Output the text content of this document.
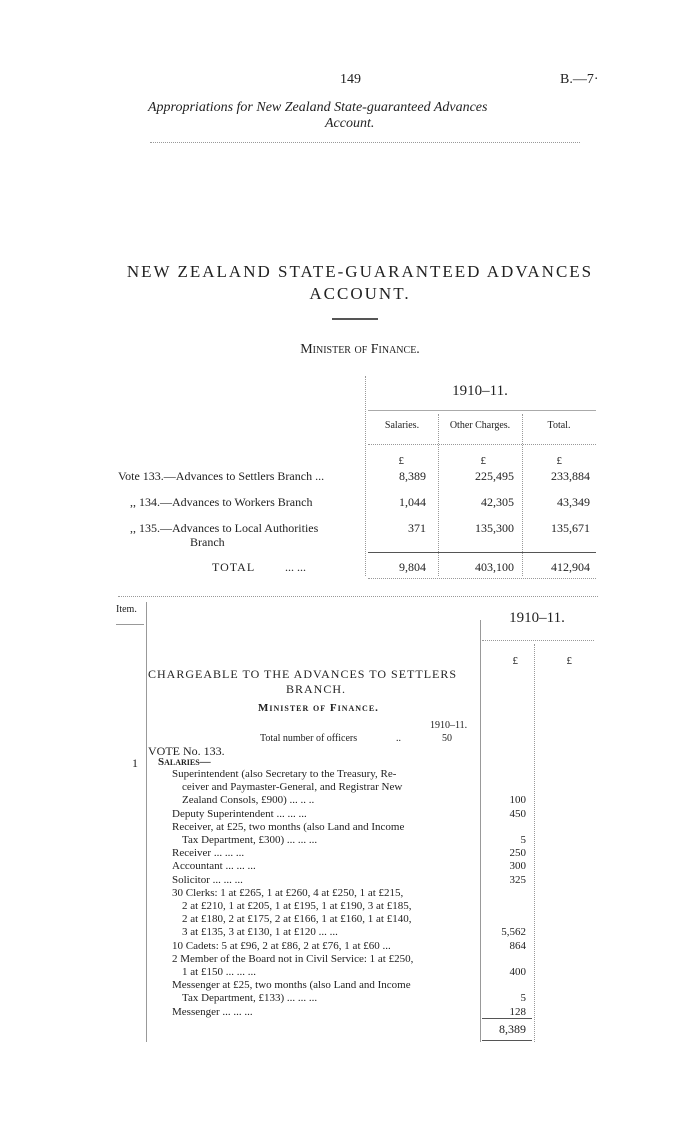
149	B.—7·
Appropriations for New Zealand State-guaranteed Advances
Account.
NEW ZEALAND STATE-GUARANTEED ADVANCES
ACCOUNT.
Minister of Finance.
1910–11.
Salaries.	Other Charges.	Total.
£	£	£
Vote 133.—Advances to Settlers Branch ...	8,389	225,495	233,884
,, 134.—Advances to Workers Branch	1,044	42,305	43,349
,, 135.—Advances to Local Authorities
Branch
371	135,300	135,671
TOTAL ... ...	9,804	403,100	412,904
Item.
1910–11.
£	£
CHARGEABLE TO THE ADVANCES TO SETTLERS
BRANCH.
Minister of Finance.
1910–11.
Total number of officers	..	50
VOTE No. 133.
1 Salaries—
Superintendent (also Secretary to the Treasury, Re-
ceiver and Paymaster-General, and Registrar New
Zealand Consols, £900) ... .. ..	100
Deputy Superintendent ... ... ...	450
Receiver, at £25, two months (also Land and Income
Tax Department, £300) ... ... ...	5
Receiver ... ... ...	250
Accountant ... ... ...	300
Solicitor ... ... ...	325
30 Clerks: 1 at £265, 1 at £260, 4 at £250, 1 at £215,
2 at £210, 1 at £205, 1 at £195, 1 at £190, 3 at £185,
2 at £180, 2 at £175, 2 at £166, 1 at £160, 1 at £140,
3 at £135, 3 at £130, 1 at £120 ... ...	5,562
10 Cadets: 5 at £96, 2 at £86, 2 at £76, 1 at £60 ...	864
2 Member of the Board not in Civil Service: 1 at £250,
1 at £150 ... ... ...	400
Messenger at £25, two months (also Land and Income
Tax Department, £133) ... ... ...	5
Messenger ... ... ...	128
8,389
